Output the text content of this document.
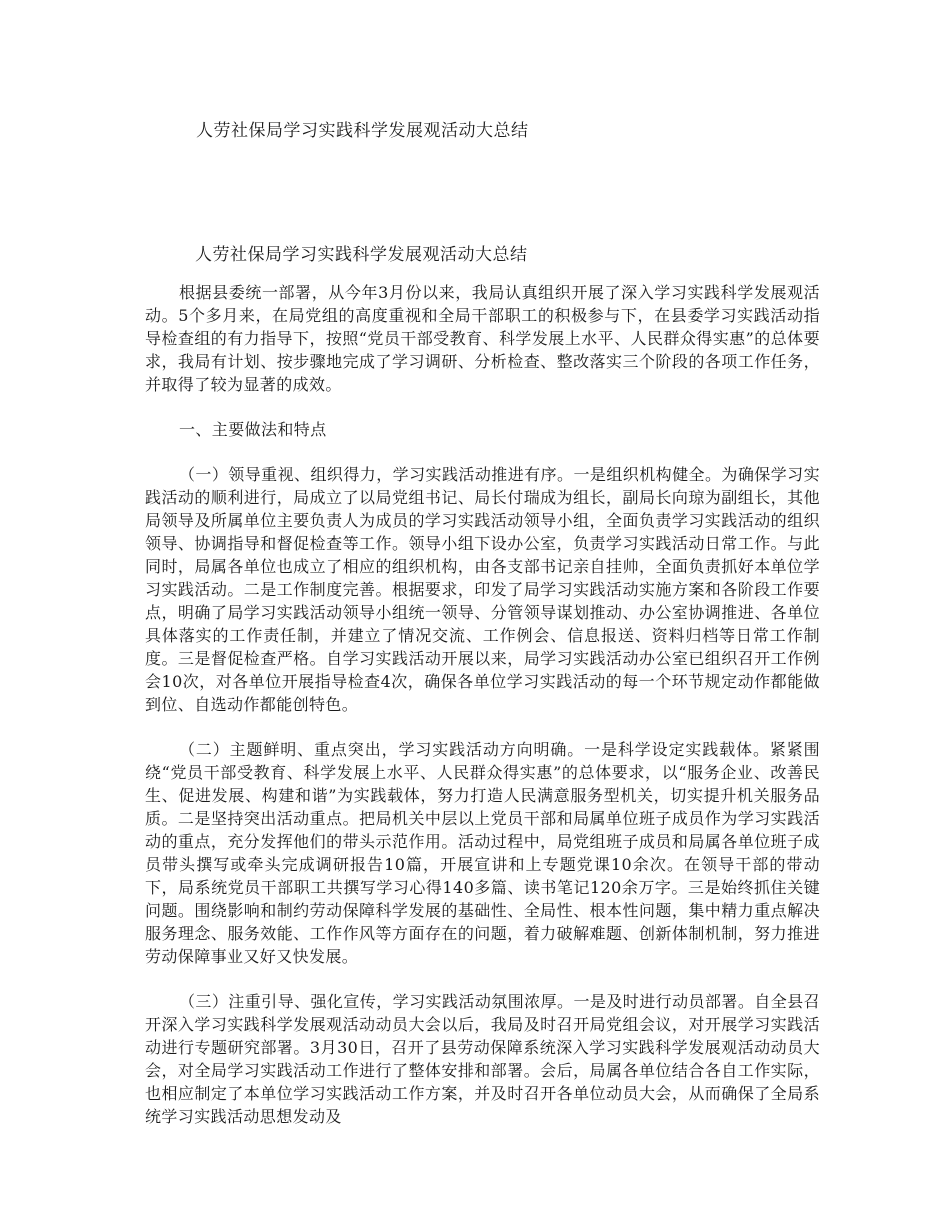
人劳社保局学习实践科学发展观活动大总结
人劳社保局学习实践科学发展观活动大总结

根据县委统一部署，从今年3月份以来，我局认真组织开展了深入学习实践科学发展观活动。5个多月来，在局党组的高度重视和全局干部职工的积极参与下，在县委学习实践活动指导检查组的有力指导下，按照“党员干部受教育、科学发展上水平、人民群众得实惠”的总体要求，我局有计划、按步骤地完成了学习调研、分析检查、整改落实三个阶段的各项工作任务，并取得了较为显著的成效。

一、主要做法和特点

（一）领导重视、组织得力，学习实践活动推进有序。一是组织机构健全。为确保学习实践活动的顺利进行，局成立了以局党组书记、局长付瑞成为组长，副局长向琼为副组长，其他局领导及所属单位主要负责人为成员的学习实践活动领导小组，全面负责学习实践活动的组织领导、协调指导和督促检查等工作。领导小组下设办公室，负责学习实践活动日常工作。与此同时，局属各单位也成立了相应的组织机构，由各支部书记亲自挂帅，全面负责抓好本单位学习实践活动。二是工作制度完善。根据要求，印发了局学习实践活动实施方案和各阶段工作要点，明确了局学习实践活动领导小组统一领导、分管领导谋划推动、办公室协调推进、各单位具体落实的工作责任制，并建立了情况交流、工作例会、信息报送、资料归档等日常工作制度。三是督促检查严格。自学习实践活动开展以来，局学习实践活动办公室已组织召开工作例会10次，对各单位开展指导检查4次，确保各单位学习实践活动的每一个环节规定动作都能做到位、自选动作都能创特色。

（二）主题鲜明、重点突出，学习实践活动方向明确。一是科学设定实践载体。紧紧围绕“党员干部受教育、科学发展上水平、人民群众得实惠”的总体要求，以“服务企业、改善民生、促进发展、构建和谐”为实践载体，努力打造人民满意服务型机关，切实提升机关服务品质。二是坚持突出活动重点。把局机关中层以上党员干部和局属单位班子成员作为学习实践活动的重点，充分发挥他们的带头示范作用。活动过程中，局党组班子成员和局属各单位班子成员带头撰写或牵头完成调研报告10篇，开展宣讲和上专题党课10余次。在领导干部的带动下，局系统党员干部职工共撰写学习心得140多篇、读书笔记120余万字。三是始终抓住关键问题。围绕影响和制约劳动保障科学发展的基础性、全局性、根本性问题，集中精力重点解决服务理念、服务效能、工作作风等方面存在的问题，着力破解难题、创新体制机制，努力推进劳动保障事业又好又快发展。

（三）注重引导、强化宣传，学习实践活动氛围浓厚。一是及时进行动员部署。自全县召开深入学习实践科学发展观活动动员大会以后，我局及时召开局党组会议，对开展学习实践活动进行专题研究部署。3月30日，召开了县劳动保障系统深入学习实践科学发展观活动动员大会，对全局学习实践活动工作进行了整体安排和部署。会后，局属各单位结合各自工作实际，也相应制定了本单位学习实践活动工作方案，并及时召开各单位动员大会，从而确保了全局系统学习实践活动思想发动及
